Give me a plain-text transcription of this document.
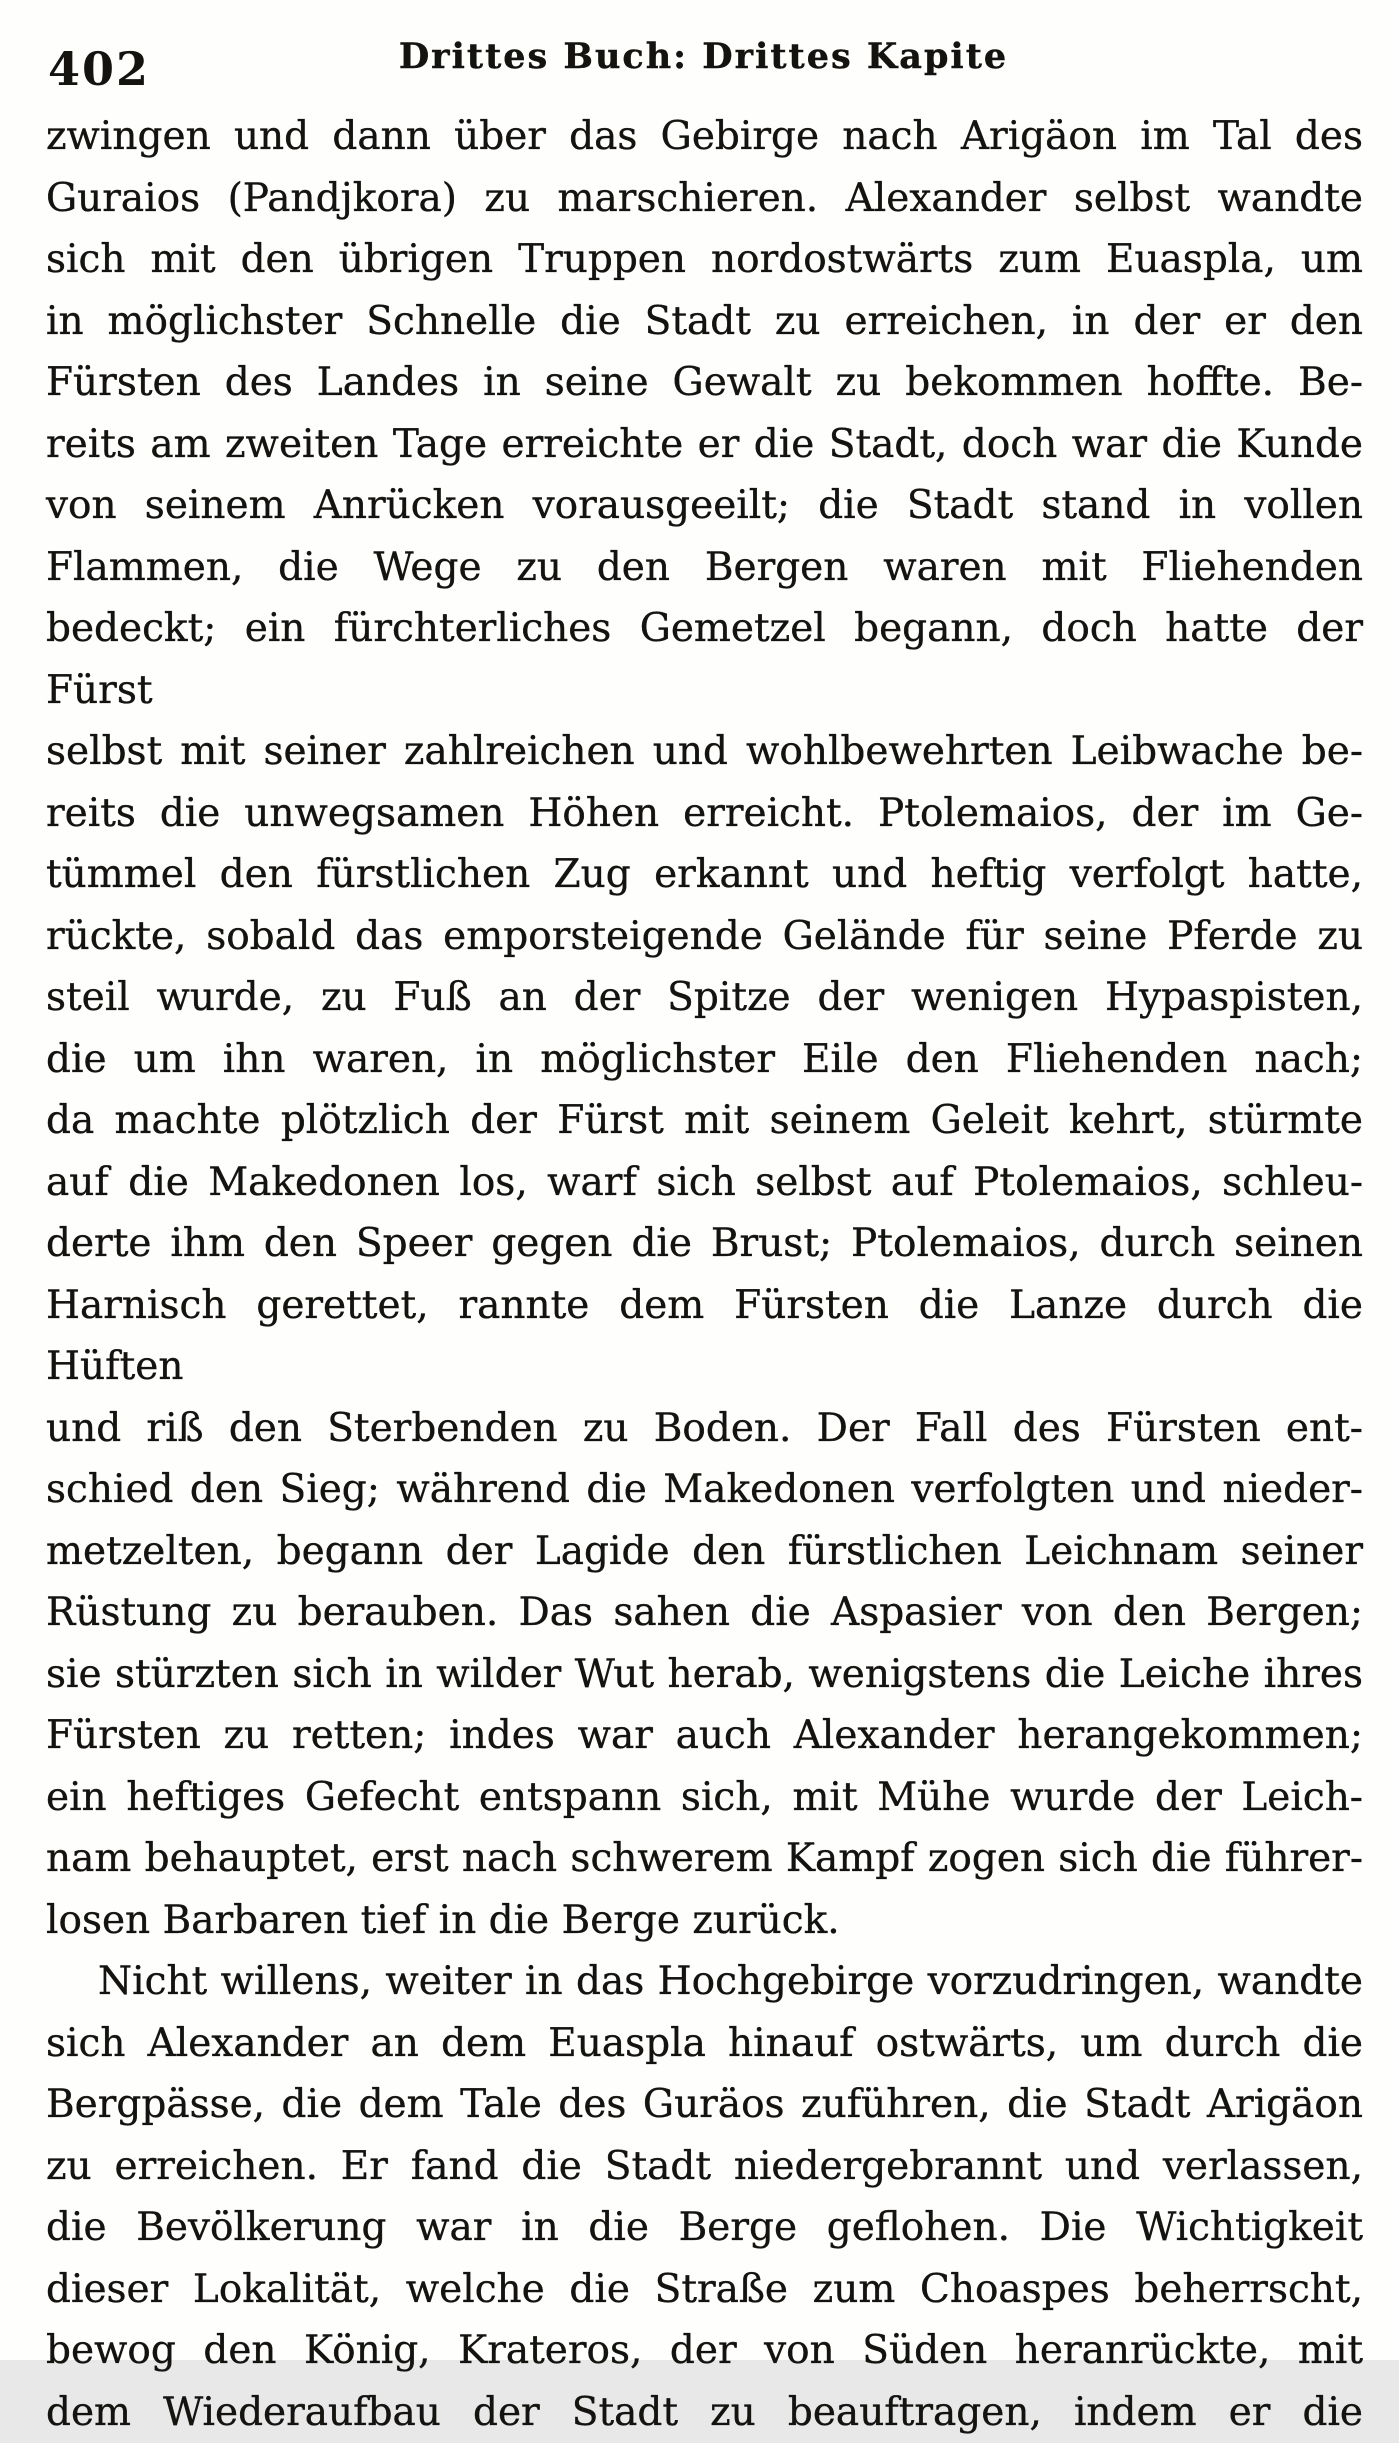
402	Drittes Buch: Drittes Kapite

zwingen und dann über das Gebirge nach Arigäon im Tal des
Guraios (Pandjkora) zu marschieren. Alexander selbst wandte
sich mit den übrigen Truppen nordostwärts zum Euaspla, um
in möglichster Schnelle die Stadt zu erreichen, in der er den
Fürsten des Landes in seine Gewalt zu bekommen hoffte. Be-
reits am zweiten Tage erreichte er die Stadt, doch war die Kunde
von seinem Anrücken vorausgeeilt; die Stadt stand in vollen
Flammen, die Wege zu den Bergen waren mit Fliehenden
bedeckt; ein fürchterliches Gemetzel begann, doch hatte der Fürst
selbst mit seiner zahlreichen und wohlbewehrten Leibwache be-
reits die unwegsamen Höhen erreicht. Ptolemaios, der im Ge-
tümmel den fürstlichen Zug erkannt und heftig verfolgt hatte,
rückte, sobald das emporsteigende Gelände für seine Pferde zu
steil wurde, zu Fuß an der Spitze der wenigen Hypaspisten,
die um ihn waren, in möglichster Eile den Fliehenden nach;
da machte plötzlich der Fürst mit seinem Geleit kehrt, stürmte
auf die Makedonen los, warf sich selbst auf Ptolemaios, schleu-
derte ihm den Speer gegen die Brust; Ptolemaios, durch seinen
Harnisch gerettet, rannte dem Fürsten die Lanze durch die Hüften
und riß den Sterbenden zu Boden. Der Fall des Fürsten ent-
schied den Sieg; während die Makedonen verfolgten und nieder-
metzelten, begann der Lagide den fürstlichen Leichnam seiner
Rüstung zu berauben. Das sahen die Aspasier von den Bergen;
sie stürzten sich in wilder Wut herab, wenigstens die Leiche ihres
Fürsten zu retten; indes war auch Alexander herangekommen;
ein heftiges Gefecht entspann sich, mit Mühe wurde der Leich-
nam behauptet, erst nach schwerem Kampf zogen sich die führer-
losen Barbaren tief in die Berge zurück.

Nicht willens, weiter in das Hochgebirge vorzudringen, wandte
sich Alexander an dem Euaspla hinauf ostwärts, um durch die
Bergpässe, die dem Tale des Guräos zuführen, die Stadt Arigäon
zu erreichen. Er fand die Stadt niedergebrannt und verlassen,
die Bevölkerung war in die Berge geflohen. Die Wichtigkeit
dieser Lokalität, welche die Straße zum Choaspes beherrscht,
bewog den König, Krateros, der von Süden heranrückte, mit
dem Wiederaufbau der Stadt zu beauftragen, indem er die
